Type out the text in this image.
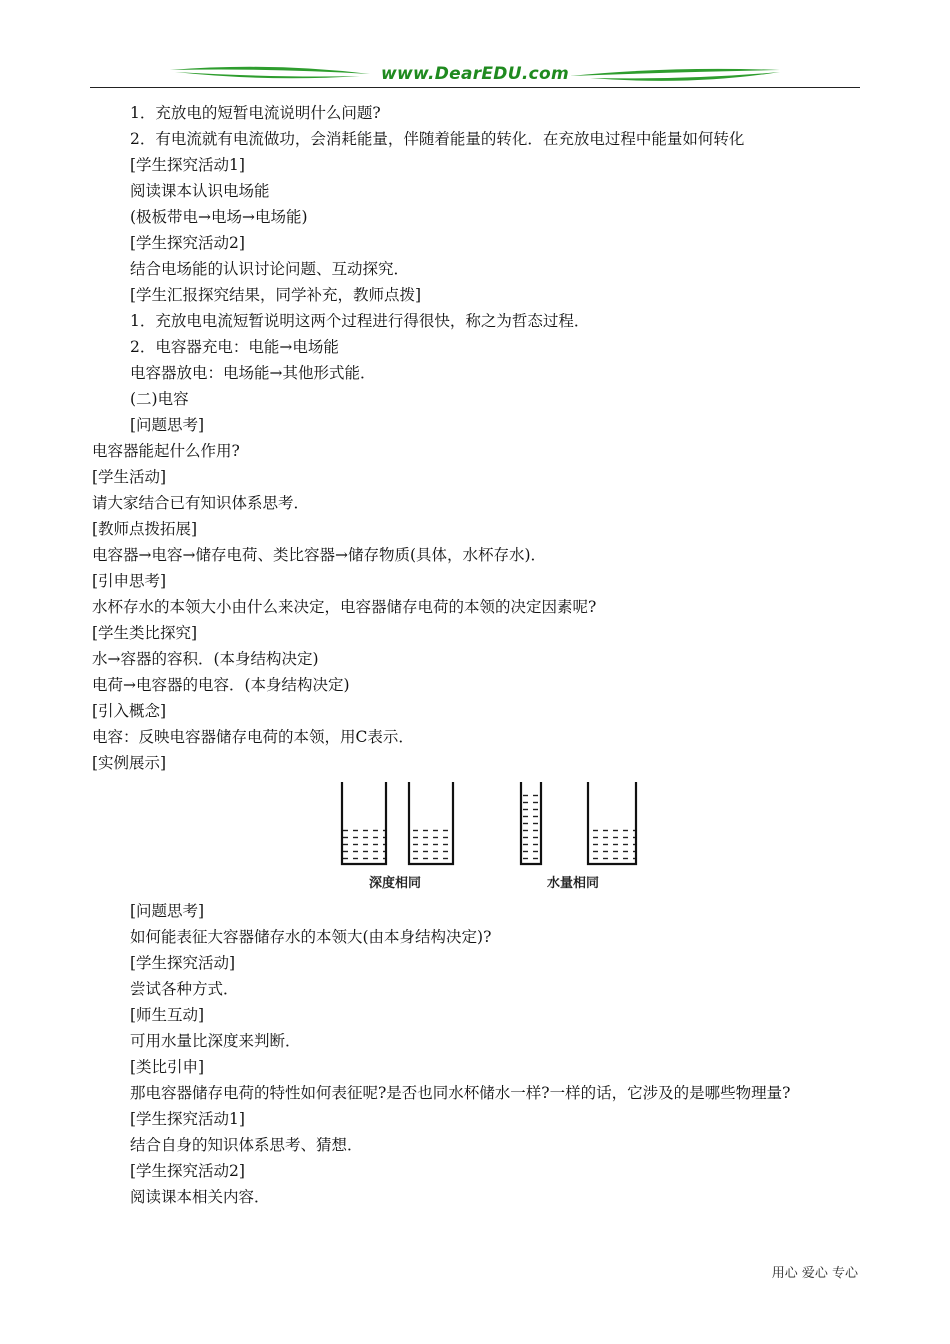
www.DearEDU.com
1．充放电的短暂电流说明什么问题?
2．有电流就有电流做功，会消耗能量，伴随着能量的转化．在充放电过程中能量如何转化
[学生探究活动1]
阅读课本认识电场能
(极板带电→电场→电场能)
[学生探究活动2]
结合电场能的认识讨论问题、互动探究．
[学生汇报探究结果，同学补充，教师点拨]
1．充放电电流短暂说明这两个过程进行得很快，称之为哲态过程．
2．电容器充电：电能→电场能
电容器放电：电场能→其他形式能．
(二)电容
[问题思考]
电容器能起什么作用?
[学生活动]
请大家结合已有知识体系思考．
[教师点拨拓展]
电容器→电容→储存电荷、类比容器→储存物质(具体，水杯存水)．
[引申思考]
水杯存水的本领大小由什么来决定，电容器储存电荷的本领的决定因素呢?
[学生类比探究]
水→容器的容积．(本身结构决定)
电荷→电容器的电容．(本身结构决定)
[引入概念]
电容：反映电容器储存电荷的本领，用C表示．
[实例展示]
深度相同	水量相同
[问题思考]
如何能表征大容器储存水的本领大(由本身结构决定)?
[学生探究活动]
尝试各种方式．
[师生互动]
可用水量比深度来判断．
[类比引申]
那电容器储存电荷的特性如何表征呢?是否也同水杯储水一样?一样的话，它涉及的是哪些物理量?
[学生探究活动1]
结合自身的知识体系思考、猜想．
[学生探究活动2]
阅读课本相关内容．
用心 爱心 专心
